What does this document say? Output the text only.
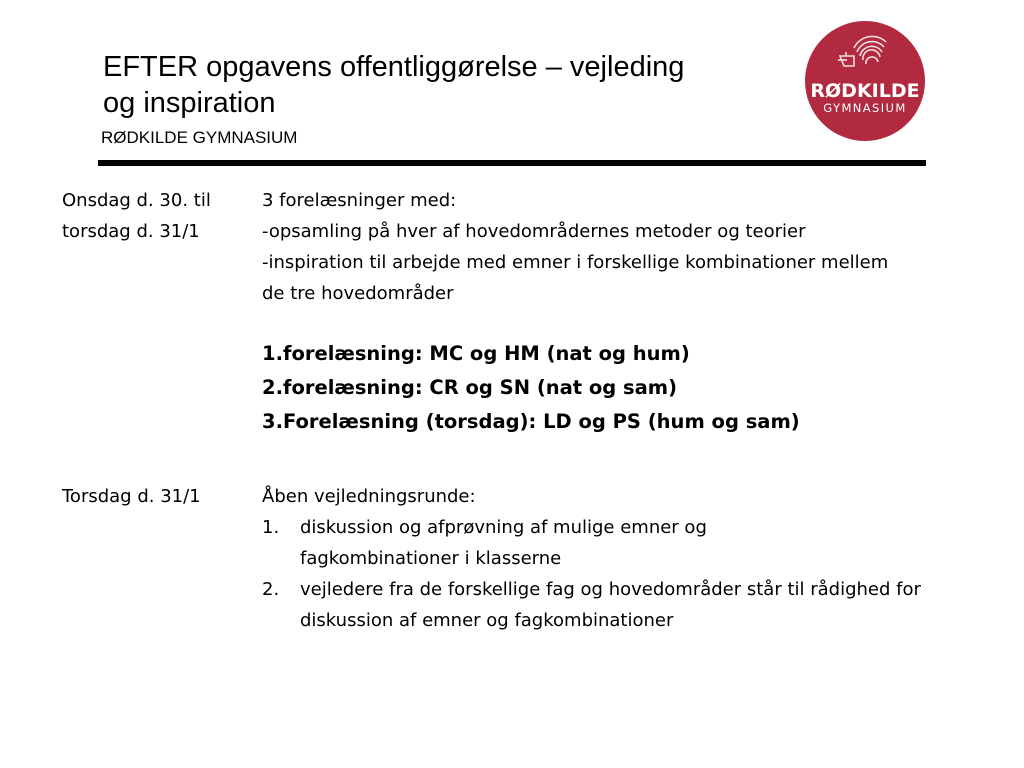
EFTER opgavens offentliggørelse – vejleding
og inspiration
RØDKILDE GYMNASIUM
RØDKILDE
GYMNASIUM
Onsdag d. 30. til
torsdag d. 31/1

3 forelæsninger med:

-opsamling på hver af hovedområdernes metoder og teorier

-inspiration til arbejde med emner i forskellige kombinationer mellem de tre hovedområder

1.forelæsning: MC og HM (nat og hum)

2.forelæsning: CR og SN (nat og sam)

3.Forelæsning (torsdag): LD og PS (hum og sam)

Torsdag d. 31/1	Åben vejledningsrunde:

1. diskussion og afprøvning af mulige emner og fagkombinationer i klasserne
2. vejledere fra de forskellige fag og hovedområder står til rådighed for diskussion af emner og fagkombinationer
